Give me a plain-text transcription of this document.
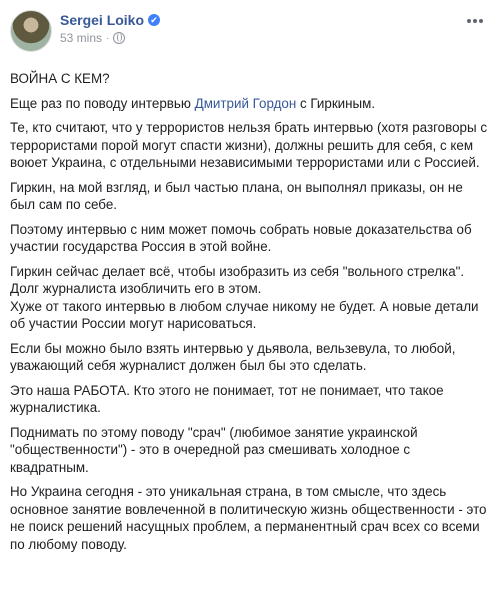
Sergei Loiko ✔
53 mins ·

ВОЙНА С КЕМ?

Еще раз по поводу интервью Дмитрий Гордон с Гиркиным.

Те, кто считают, что у террористов нельзя брать интервью (хотя разговоры с террористами порой могут спасти жизни), должны решить для себя, с кем воюет Украина, с отдельными независимыми террористами или с Россией.

Гиркин, на мой взгляд, и был частью плана, он выполнял приказы, он не был сам по себе.

Поэтому интервью с ним может помочь собрать новые доказательства об участии государства Россия в этой войне.

Гиркин сейчас делает всё, чтобы изобразить из себя "вольного стрелка". Долг журналиста изобличить его в этом.

Хуже от такого интервью в любом случае никому не будет. А новые детали об участии России могут нарисоваться.

Если бы можно было взять интервью у дьявола, вельзевула, то любой, уважающий себя журналист должен был бы это сделать.

Это наша РАБОТА. Кто этого не понимает, тот не понимает, что такое журналистика.

Поднимать по этому поводу "срач" (любимое занятие украинской "общественности") - это в очередной раз смешивать холодное с квадратным.

Но Украина сегодня - это уникальная страна, в том смысле, что здесь основное занятие вовлеченной в политическую жизнь общественности - это не поиск решений насущных проблем, а перманентный срач всех со всеми по любому поводу.
